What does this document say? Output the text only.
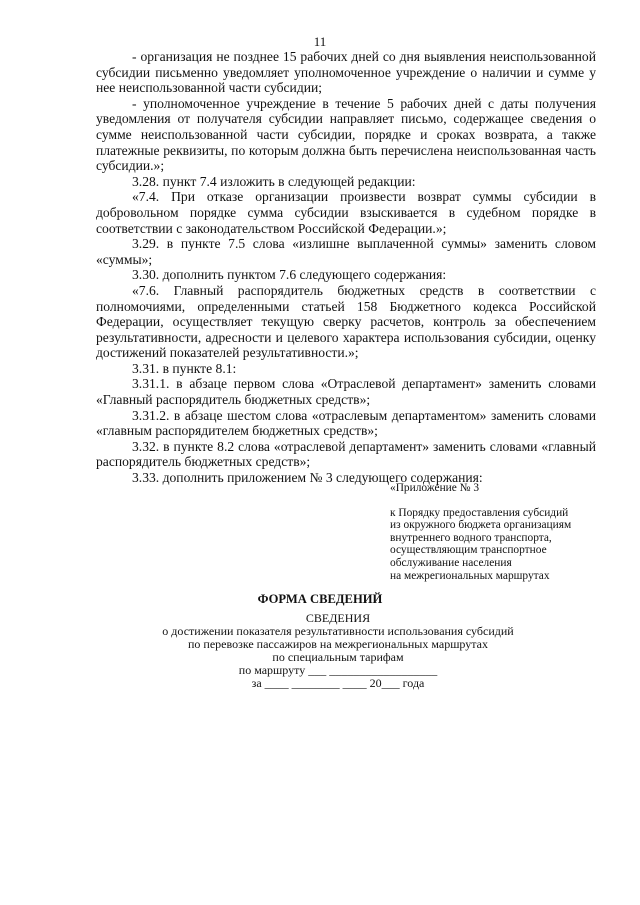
11

- организация не позднее 15 рабочих дней со дня выявления неиспользованной субсидии письменно уведомляет уполномоченное учреждение о наличии и сумме у нее неиспользованной части субсидии;

- уполномоченное учреждение в течение 5 рабочих дней с даты получения уведомления от получателя субсидии направляет письмо, содержащее сведения о сумме неиспользованной части субсидии, порядке и сроках возврата, а также платежные реквизиты, по которым должна быть перечислена неиспользованная часть субсидии.»;

3.28. пункт 7.4 изложить в следующей редакции:

«7.4. При отказе организации произвести возврат суммы субсидии в добровольном порядке сумма субсидии взыскивается в судебном порядке в соответствии с законодательством Российской Федерации.»;

3.29. в пункте 7.5 слова «излишне выплаченной суммы» заменить словом «суммы»;

3.30. дополнить пунктом 7.6 следующего содержания:

«7.6. Главный распорядитель бюджетных средств в соответствии с полномочиями, определенными статьей 158 Бюджетного кодекса Российской Федерации, осуществляет текущую сверку расчетов, контроль за обеспечением результативности, адресности и целевого характера использования субсидии, оценку достижений показателей результативности.»;

3.31. в пункте 8.1:

3.31.1. в абзаце первом слова «Отраслевой департамент» заменить словами «Главный распорядитель бюджетных средств»;

3.31.2. в абзаце шестом слова «отраслевым департаментом» заменить словами «главным распорядителем бюджетных средств»;

3.32. в пункте 8.2 слова «отраслевой департамент» заменить словами «главный распорядитель бюджетных средств»;

3.33. дополнить приложением № 3 следующего содержания:

«Приложение № 3

к Порядку предоставления субсидий
из окружного бюджета организациям
внутреннего водного транспорта,
осуществляющим транспортное
обслуживание населения
на межрегиональных маршрутах
ФОРМА СВЕДЕНИЙ
СВЕДЕНИЯ
о достижении показателя результативности использования субсидий
по перевозке пассажиров на межрегиональных маршрутах
по специальным тарифам
по маршруту ___ __________________
за ____ ________ ____ 20___ года
